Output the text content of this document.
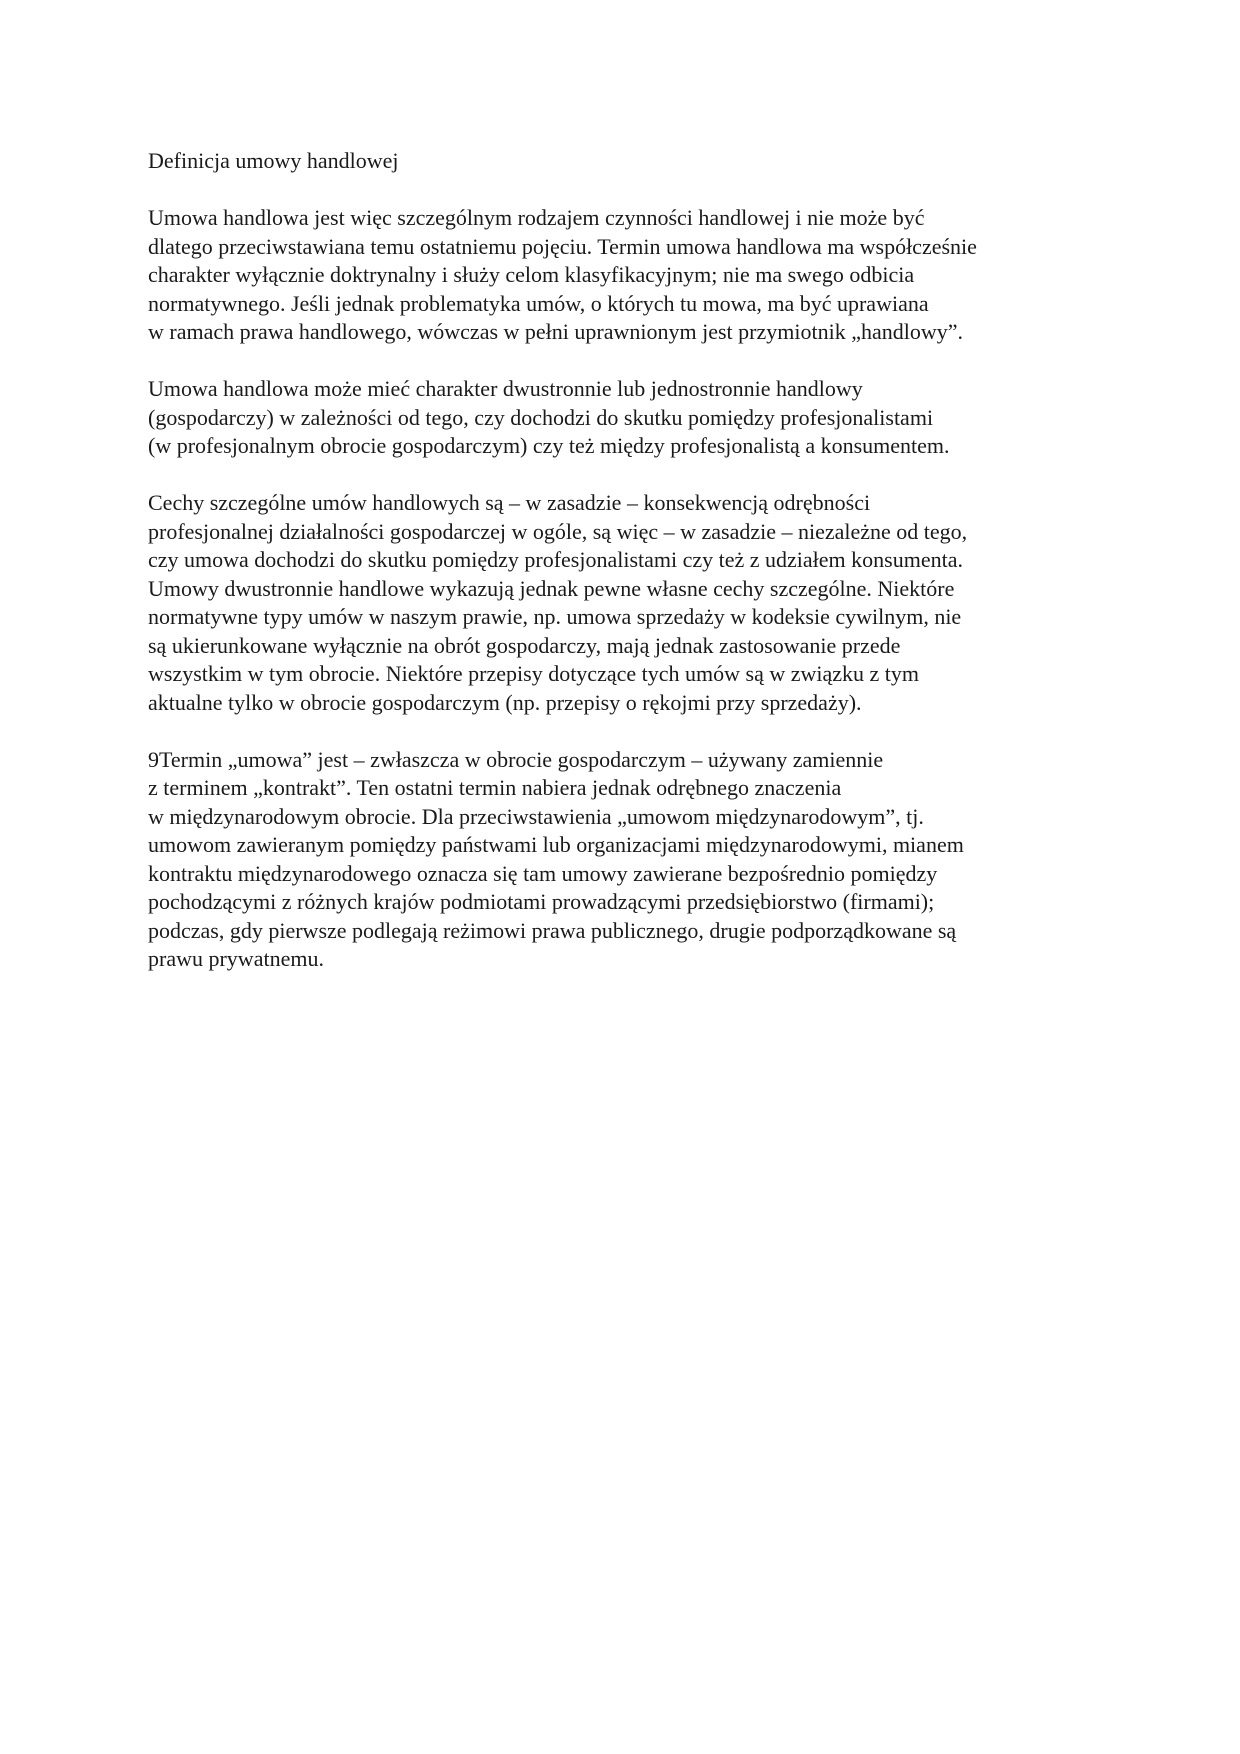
Definicja umowy handlowej
Umowa handlowa jest więc szczególnym rodzajem czynności handlowej i nie może być
dlatego przeciwstawiana temu ostatniemu pojęciu. Termin umowa handlowa ma współcześnie
charakter wyłącznie doktrynalny i służy celom klasyfikacyjnym; nie ma swego odbicia
normatywnego. Jeśli jednak problematyka umów, o których tu mowa, ma być uprawiana
w ramach prawa handlowego, wówczas w pełni uprawnionym jest przymiotnik „handlowy”.
Umowa handlowa może mieć charakter dwustronnie lub jednostronnie handlowy
(gospodarczy) w zależności od tego, czy dochodzi do skutku pomiędzy profesjonalistami
(w profesjonalnym obrocie gospodarczym) czy też między profesjonalistą a konsumentem.
Cechy szczególne umów handlowych są – w zasadzie – konsekwencją odrębności
profesjonalnej działalności gospodarczej w ogóle, są więc – w zasadzie – niezależne od tego,
czy umowa dochodzi do skutku pomiędzy profesjonalistami czy też z udziałem konsumenta.
Umowy dwustronnie handlowe wykazują jednak pewne własne cechy szczególne. Niektóre
normatywne typy umów w naszym prawie, np. umowa sprzedaży w kodeksie cywilnym, nie
są ukierunkowane wyłącznie na obrót gospodarczy, mają jednak zastosowanie przede
wszystkim w tym obrocie. Niektóre przepisy dotyczące tych umów są w związku z tym
aktualne tylko w obrocie gospodarczym (np. przepisy o rękojmi przy sprzedaży).
9Termin „umowa” jest – zwłaszcza w obrocie gospodarczym – używany zamiennie
z terminem „kontrakt”. Ten ostatni termin nabiera jednak odrębnego znaczenia
w międzynarodowym obrocie. Dla przeciwstawienia „umowom międzynarodowym”, tj.
umowom zawieranym pomiędzy państwami lub organizacjami międzynarodowymi, mianem
kontraktu międzynarodowego oznacza się tam umowy zawierane bezpośrednio pomiędzy
pochodzącymi z różnych krajów podmiotami prowadzącymi przedsiębiorstwo (firmami);
podczas, gdy pierwsze podlegają reżimowi prawa publicznego, drugie podporządkowane są
prawu prywatnemu.
